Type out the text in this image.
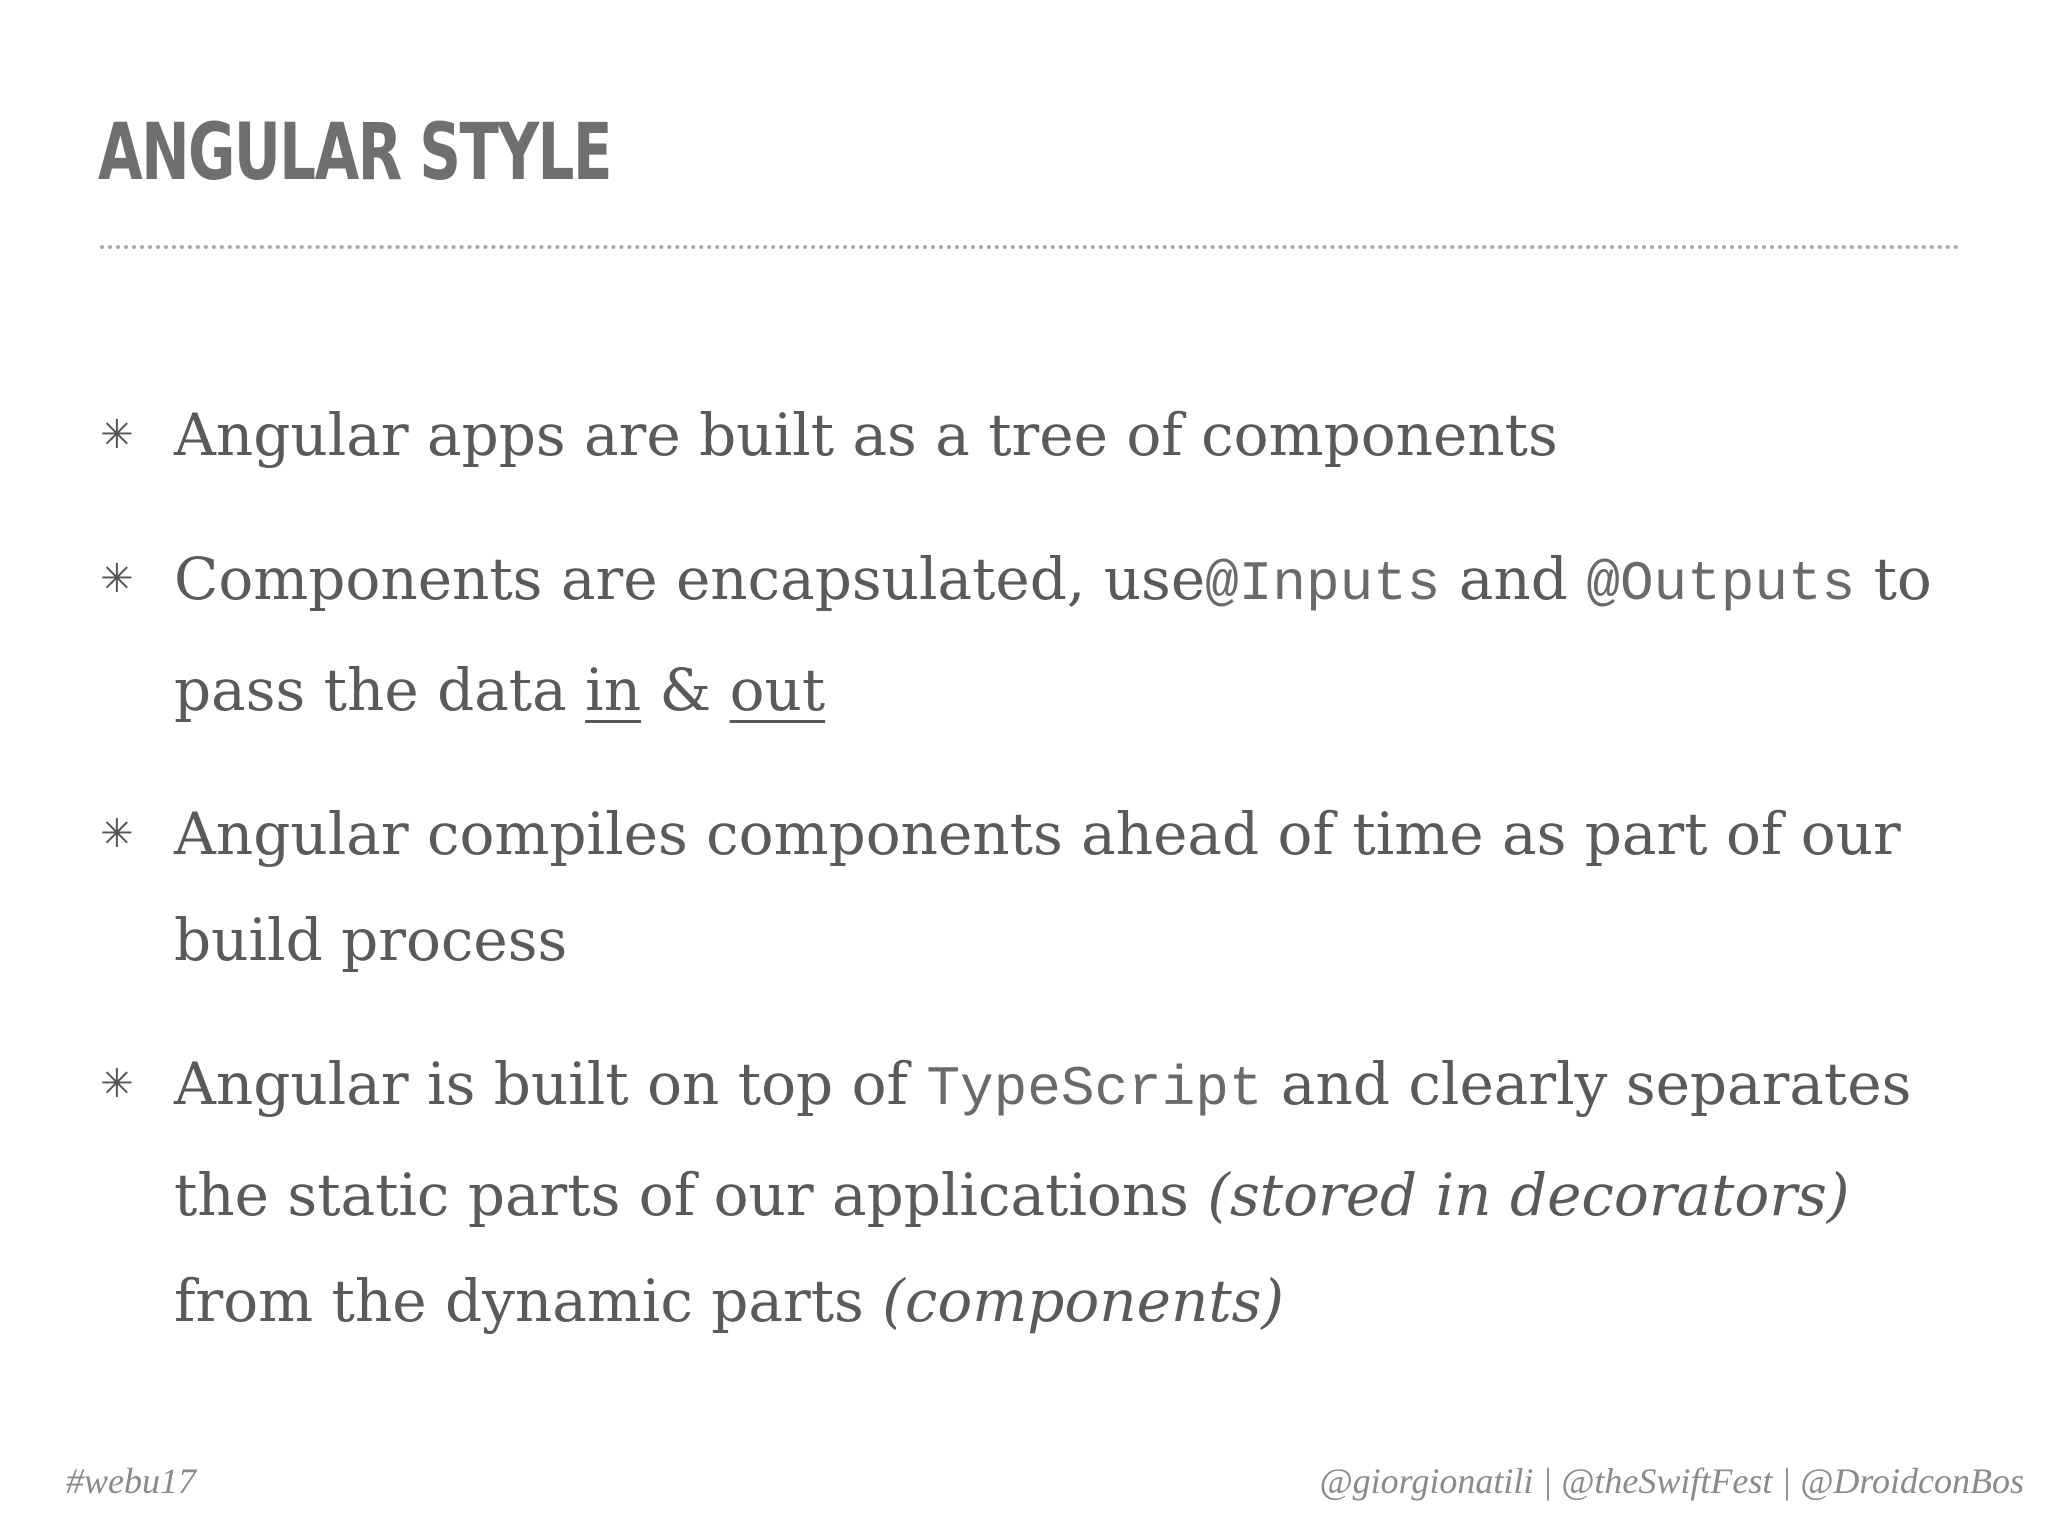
ANGULAR STYLE
✳ Angular apps are built as a tree of components
✳ Components are encapsulated, use@Inputs and @Outputs to pass the data in & out
✳ Angular compiles components ahead of time as part of our build process
✳ Angular is built on top of TypeScript and clearly separates the static parts of our applications (stored in decorators) from the dynamic parts (components)
#webu17	@giorgionatili | @theSwiftFest | @DroidconBos
